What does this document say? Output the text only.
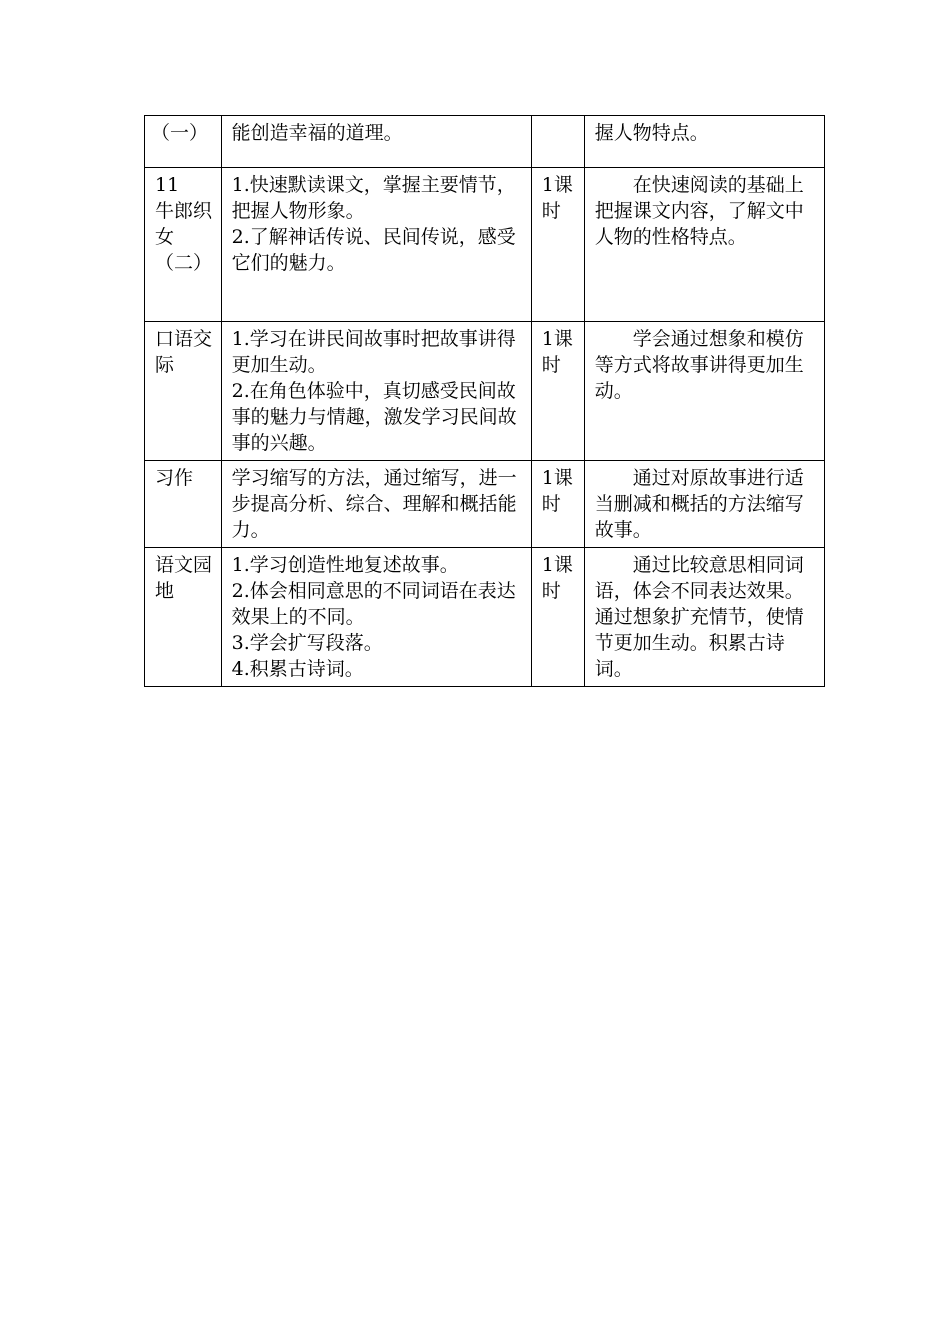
（一）	能创造幸福的道理。		握人物特点。

11
牛郎织
女
（二）	1.快速默读课文，掌握主要情节，把握人物形象。
2.了解神话传说、民间传说，感受它们的魅力。	1课时	在快速阅读的基础上把握课文内容，了解文中人物的性格特点。

口语交际	1.学习在讲民间故事时把故事讲得更加生动。
2.在角色体验中，真切感受民间故事的魅力与情趣，激发学习民间故事的兴趣。	1课时	学会通过想象和模仿等方式将故事讲得更加生动。

习作	学习缩写的方法，通过缩写，进一步提高分析、综合、理解和概括能力。	1课时	通过对原故事进行适当删减和概括的方法缩写故事。

语文园地	1.学习创造性地复述故事。
2.体会相同意思的不同词语在表达效果上的不同。
3.学会扩写段落。
4.积累古诗词。	1课时	通过比较意思相同词语，体会不同表达效果。通过想象扩充情节，使情节更加生动。积累古诗词。
